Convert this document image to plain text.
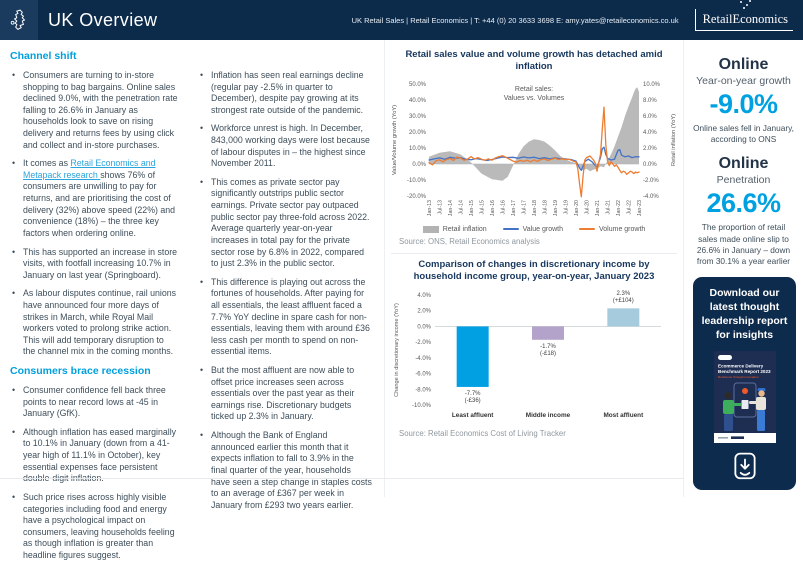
UK Overview	UK Retail Sales | Retail Economics | T: +44 (0) 20 3633 3698 E: amy.yates@retaileconomics.co.uk	RetailEconomics
Channel shift
• Consumers are turning to in-store shopping to bag bargains. Online sales declined 9.0%, with the penetration rate falling to 26.6% in January as households look to save on rising delivery and returns fees by using click and collect and in-store purchases.
• It comes as Retail Economics and Metapack research shows 76% of consumers are unwilling to pay for returns, and are prioritising the cost of delivery (32%) above speed (22%) and convenience (18%) – the three key factors when ordering online.
• This has supported an increase in store visits, with footfall increasing 10.7% in January on last year (Springboard).
• As labour disputes continue, rail unions have announced four more days of strikes in March, while Royal Mail workers voted to prolong strike action. This will add temporary disruption to the channel mix in the coming months.
Consumers brace recession
• Consumer confidence fell back three points to near record lows at -45 in January (GfK).
• Although inflation has eased marginally to 10.1% in January (down from a 41-year high of 11.1% in October), key essential expenses face persistent double-digit inflation.
• Such price rises across highly visible categories including food and energy have a psychological impact on consumers, leaving households feeling as though inflation is greater than headline figures suggest.
• Inflation has seen real earnings decline (regular pay -2.5% in quarter to December), despite pay growing at its strongest rate outside of the pandemic.
• Workforce unrest is high. In December, 843,000 working days were lost because of labour disputes in – the highest since November 2011.
• This comes as private sector pay significantly outstrips public sector earnings. Private sector pay outpaced public sector pay three-fold across 2022. Average quarterly year-on-year increases in total pay for the private sector rose by 6.8% in 2022, compared to just 2.3% in the public sector.
• This difference is playing out across the fortunes of households. After paying for all essentials, the least affluent faced a 7.7% YoY decline in spare cash for non-essentials, leaving them with around £36 less cash per month to spend on non-essential items.
• But the most affluent are now able to offset price increases seen across essentials over the past year as their earnings rise. Discretionary budgets ticked up 2.3% in January.
• Although the Bank of England announced earlier this month that it expects inflation to fall to 3.9% in the final quarter of the year, households have seen a step change in staples costs to an average of £367 per week in January from £293 two years earlier.
Retail sales value and volume growth has detached amid inflation
50.0%
40.0%
30.0%
20.0%
10.0%
0.0%
-10.0%
-20.0%
10.0%
8.0%
6.0%
4.0%
2.0%
0.0%
-2.0%
-4.0%
Jan-13 Jul-13 Jan-14 Jul-14 Jan-15 Jul-15 Jan-16 Jul-16 Jan-17 Jul-17 Jan-18 Jul-18 Jan-19 Jul-19 Jan-20 Jul-20 Jan-21 Jul-21 Jan-22 Jul-22 Jan-23
Value/Volume growth (YoY)	Retail inflation (YoY)
Retail sales:
Values vs. Volumes
Retail inflation	Value growth	Volume growth
Source: ONS, Retail Economics analysis
Comparison of changes in discretionary income by household income group, year-on-year, January 2023
4.0%
2.0%
0.0%
-2.0%
-4.0%
-6.0%
-8.0%
-10.0%
Change in discretionary income (YoY)	-7.7%
(-£36)
Least affluent
-1.7%
(-£18)
Middle income
2.3%
(+£104)
Most affluent
Source: Retail Economics Cost of Living Tracker
Online
Year-on-year growth
-9.0%
Online sales fell in January, according to ONS
Online
Penetration
26.6%
The proportion of retail sales made online slip to 26.6% in January – down from 30.1% a year earlier
Download our latest thought leadership report for insights
Ecommerce Delivery
Benchmark Report 2023
Resilience through innovation
